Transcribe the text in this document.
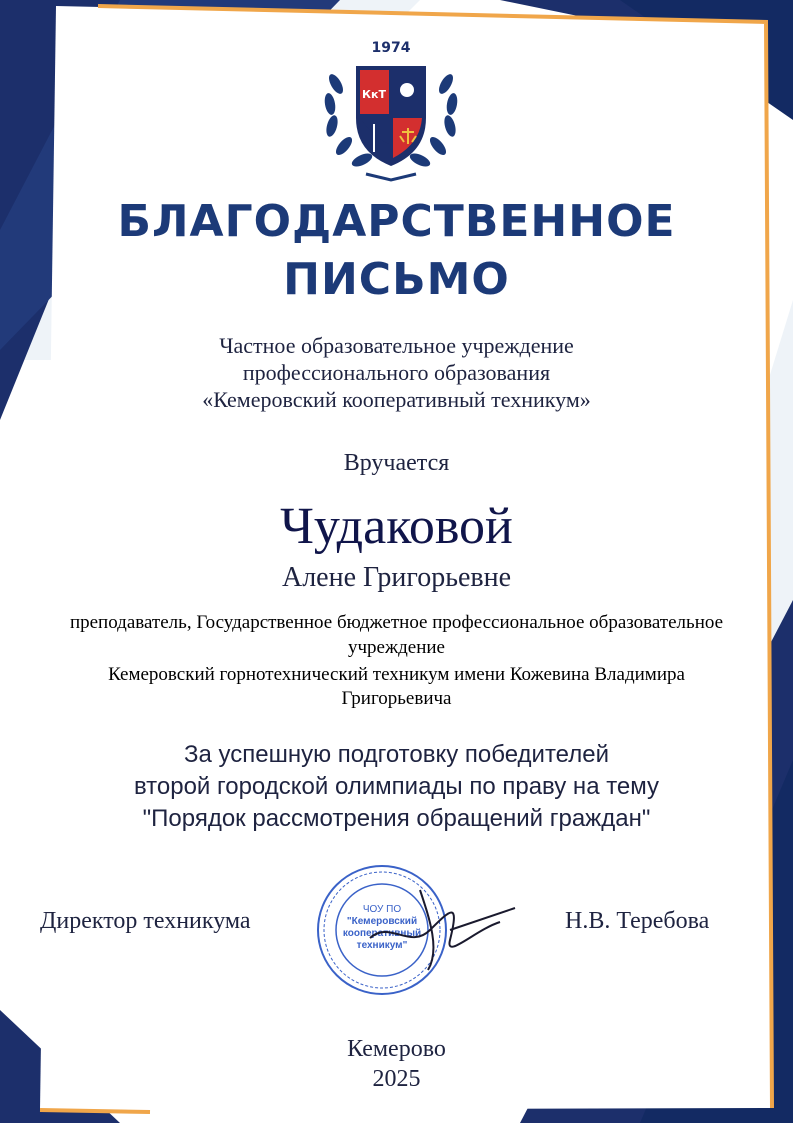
1974
КкТ
БЛАГОДАРСТВЕННОЕ
ПИСЬМО
Частное образовательное учреждение
профессионального образования
«Кемеровский кооперативный техникум»
Вручается
Чудаковой
Алене Григорьевне
преподаватель, Государственное бюджетное профессиональное образовательное
учреждение
Кемеровский горнотехнический техникум имени Кожевина Владимира
Григорьевича
За успешную подготовку победителей
второй городской олимпиады по праву на тему
"Порядок рассмотрения обращений граждан"
ЧОУ ПО
"Кемеровский
кооперативный
техникум"
Директор техникума	Н.В. Теребова
Кемерово
2025
